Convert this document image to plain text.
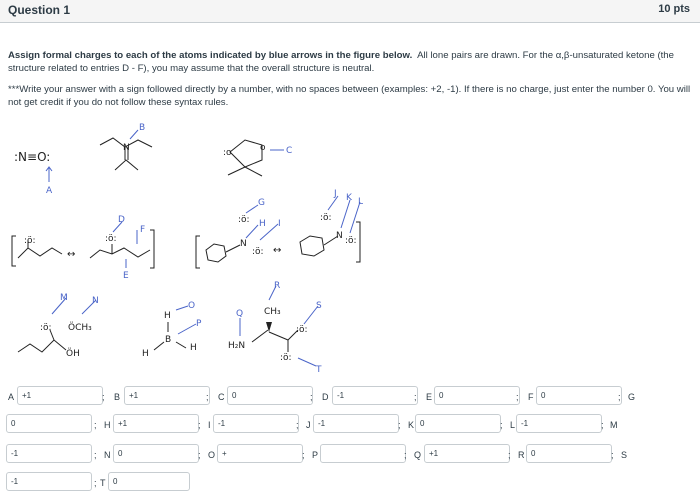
Question 1	10 pts

Assign formal charges to each of the atoms indicated by blue arrows in the figure below. All lone pairs are drawn. For the α,β-unsaturated ketone (the structure related to entries D - F), you may assume that the overall structure is neutral.

***Write your answer with a sign followed directly by a number, with no spaces between (examples: +2, -1). If there is no charge, just enter the number 0. You will not get credit if you do not follow these syntax rules.

:N≡O:
A
N
B
:o	o C
:ö:
↔
:ö:
D
E
F
:ö:
N
:ö: ↔
:ö:
N :ö:
G
H I
J K L
:ö: ÖCH₃
ÖH
M	N
H
B
H
H
O
P
H₂N
CH₃
:ö:
:ö:
Q
R
S
T
A
+1	; B
+1	; C
0	; D
-1	; E
0	; F
0	; G
0
; H
+1	; I
-1	; J
-1	; K
0	; L
-1	; M
-1
; N
0	; O
+	; P	; Q
+1	; R
0	; S
-1
; T
0
